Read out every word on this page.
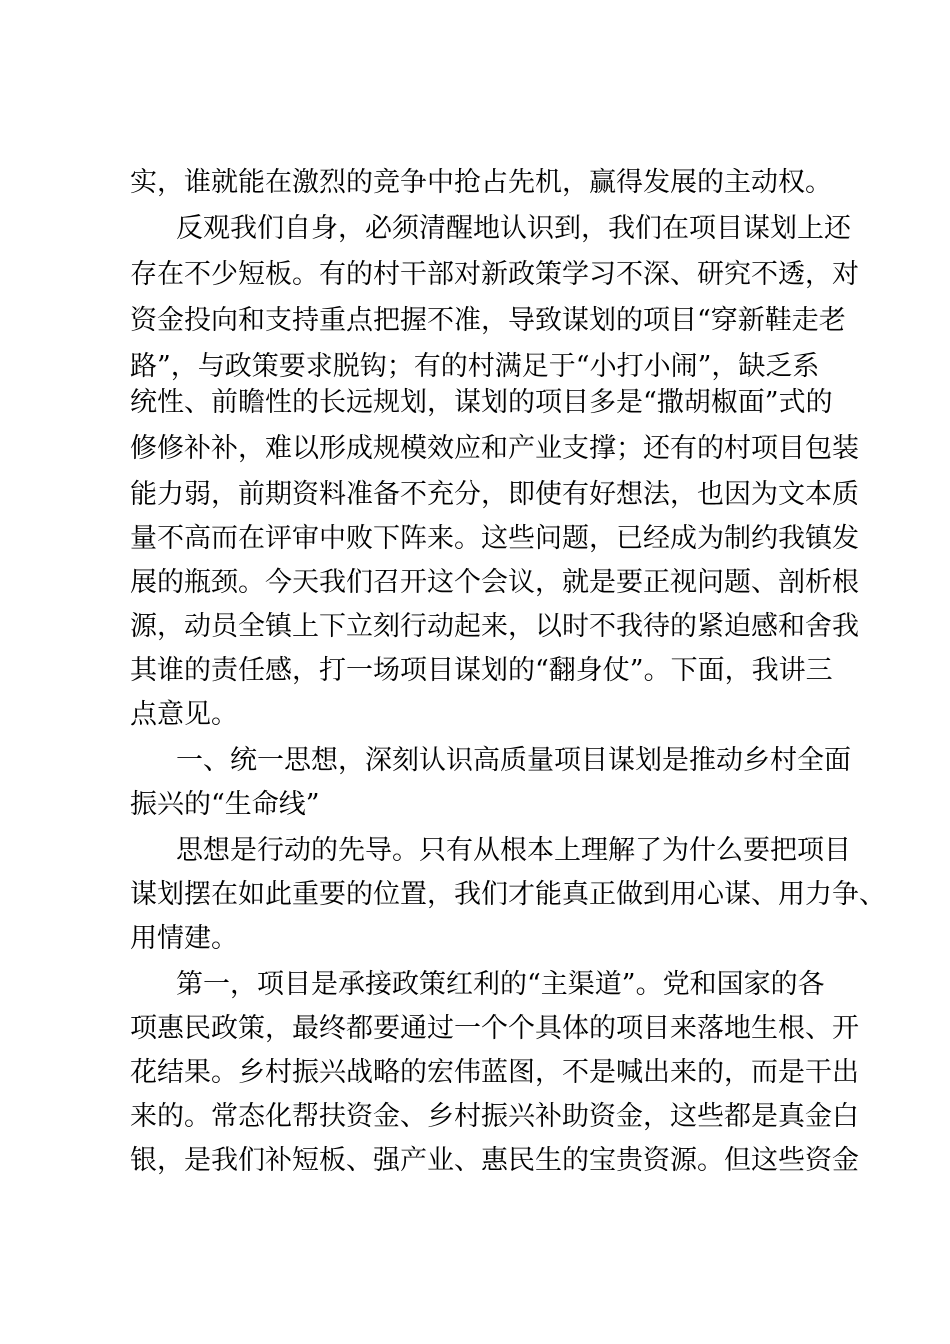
实，谁就能在激烈的竞争中抢占先机，赢得发展的主动权。
反观我们自身，必须清醒地认识到，我们在项目谋划上还
存在不少短板。有的村干部对新政策学习不深、研究不透，对
资金投向和支持重点把握不准，导致谋划的项目“穿新鞋走老
路”，与政策要求脱钩；有的村满足于“小打小闹”，缺乏系
统性、前瞻性的长远规划，谋划的项目多是“撒胡椒面”式的
修修补补，难以形成规模效应和产业支撑；还有的村项目包装
能力弱，前期资料准备不充分，即使有好想法，也因为文本质
量不高而在评审中败下阵来。这些问题，已经成为制约我镇发
展的瓶颈。今天我们召开这个会议，就是要正视问题、剖析根
源，动员全镇上下立刻行动起来，以时不我待的紧迫感和舍我
其谁的责任感，打一场项目谋划的“翻身仗”。下面，我讲三
点意见。
一、统一思想，深刻认识高质量项目谋划是推动乡村全面
振兴的“生命线”
思想是行动的先导。只有从根本上理解了为什么要把项目
谋划摆在如此重要的位置，我们才能真正做到用心谋、用力争、
用情建。
第一，项目是承接政策红利的“主渠道”。党和国家的各
项惠民政策，最终都要通过一个个具体的项目来落地生根、开
花结果。乡村振兴战略的宏伟蓝图，不是喊出来的，而是干出
来的。常态化帮扶资金、乡村振兴补助资金，这些都是真金白
银，是我们补短板、强产业、惠民生的宝贵资源。但这些资金
